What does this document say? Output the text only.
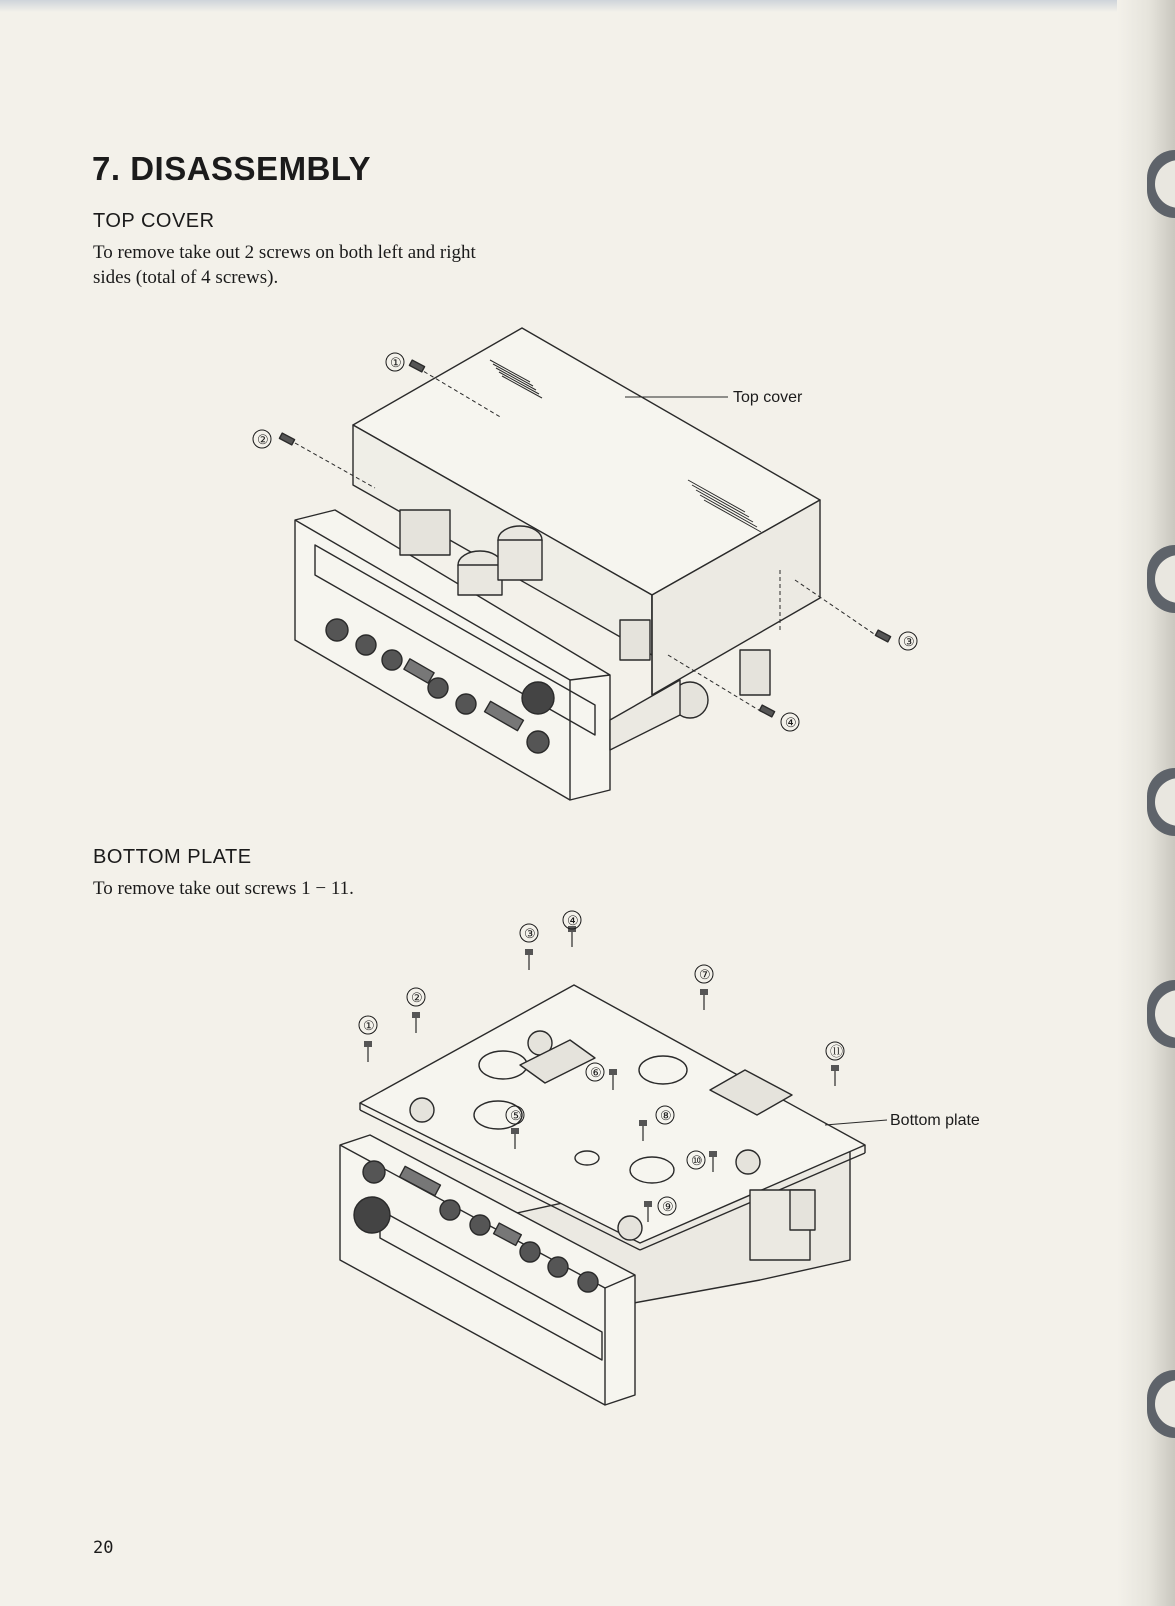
7. DISASSEMBLY
TOP COVER

To remove take out 2 screws on both left and right
sides (total of 4 screws).

Top cover
①
②
③
④
BOTTOM PLATE

To remove take out screws 1 − 11.

Bottom plate
①
②
③
④
⑤
⑥
⑦
⑧
⑨
⑩
⑪

20
